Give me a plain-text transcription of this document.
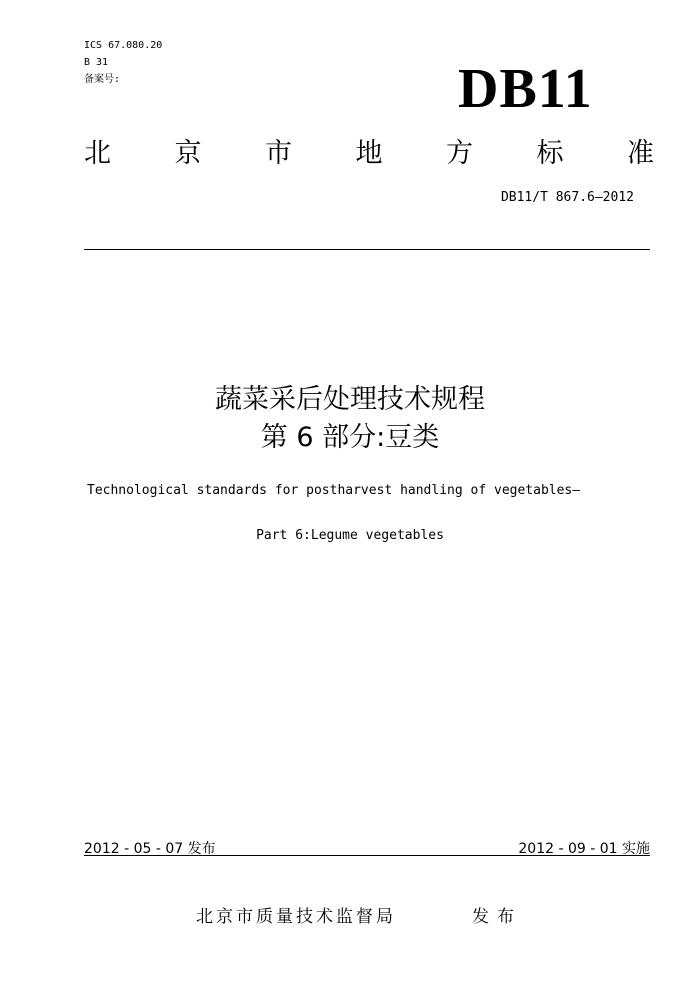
ICS 67.080.20
B 31
备案号:	DB11
北 京 市 地 方 标 准
DB11/T 867.6—2012
蔬菜采后处理技术规程
第 6 部分:豆类
Technological standards for postharvest handling of vegetables—
Part 6:Legume vegetables
2012 - 05 - 07 发布	2012 - 09 - 01 实施
北京市质量技术监督局	发布
